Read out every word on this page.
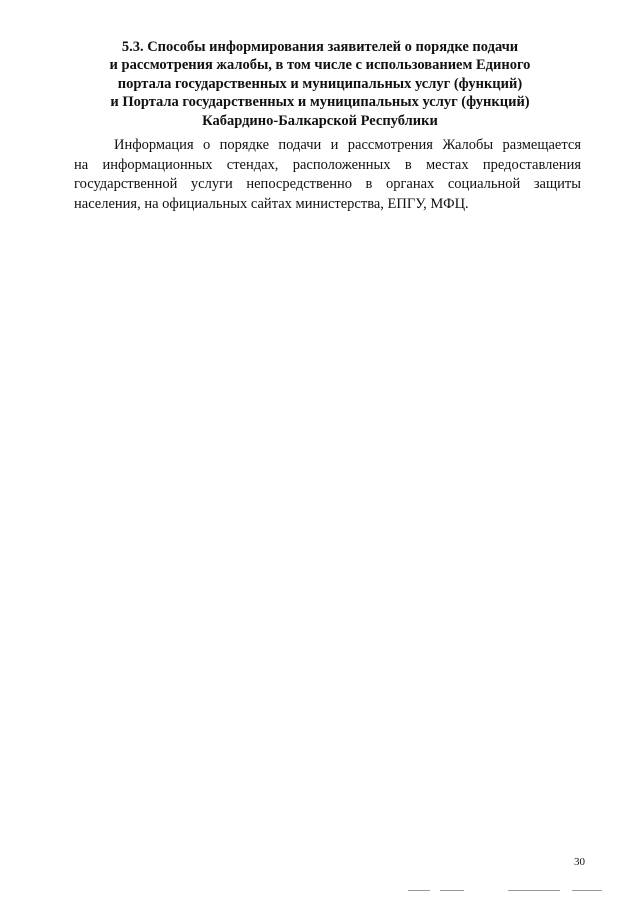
5.3. Способы информирования заявителей о порядке подачи
и рассмотрения жалобы, в том числе с использованием Единого
портала государственных и муниципальных услуг (функций)
и Портала государственных и муниципальных услуг (функций)
Кабардино-Балкарской Республики
Информация о порядке подачи и рассмотрения Жалобы размещается
на информационных стендах, расположенных в местах предоставления
государственной услуги непосредственно в органах социальной защиты
населения, на официальных сайтах министерства, ЕПГУ, МФЦ.
30
